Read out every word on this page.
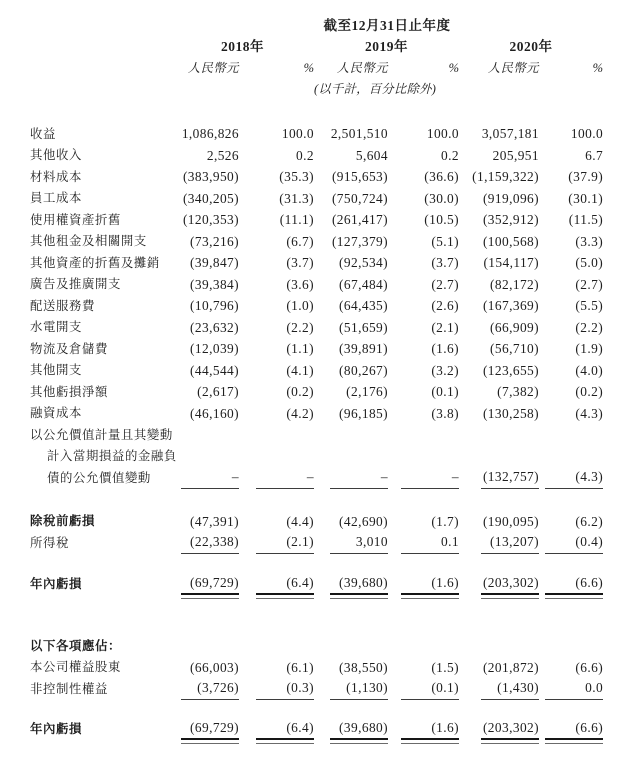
	截至12月31日止年度					
	2018年		2019年		2020年	
	人民幣元	%	人民幣元	%	人民幣元	%
			(以千計，百分比除外)			

收益	1,086,826	100.0	2,501,510	100.0	3,057,181	100.0
其他收入	2,526	0.2	5,604	0.2	205,951	6.7
材料成本	(383,950)	(35.3)	(915,653)	(36.6)	(1,159,322)	(37.9)
員工成本	(340,205)	(31.3)	(750,724)	(30.0)	(919,096)	(30.1)
使用權資產折舊	(120,353)	(11.1)	(261,417)	(10.5)	(352,912)	(11.5)
其他租金及相關開支	(73,216)	(6.7)	(127,379)	(5.1)	(100,568)	(3.3)
其他資產的折舊及攤銷	(39,847)	(3.7)	(92,534)	(3.7)	(154,117)	(5.0)
廣告及推廣開支	(39,384)	(3.6)	(67,484)	(2.7)	(82,172)	(2.7)
配送服務費	(10,796)	(1.0)	(64,435)	(2.6)	(167,369)	(5.5)
水電開支	(23,632)	(2.2)	(51,659)	(2.1)	(66,909)	(2.2)
物流及倉儲費	(12,039)	(1.1)	(39,891)	(1.6)	(56,710)	(1.9)
其他開支	(44,544)	(4.1)	(80,267)	(3.2)	(123,655)	(4.0)
其他虧損淨額	(2,617)	(0.2)	(2,176)	(0.1)	(7,382)	(0.2)
融資成本	(46,160)	(4.2)	(96,185)	(3.8)	(130,258)	(4.3)
以公允價值計量且其變動						
計入當期損益的金融負						
債的公允價值變動	–	–	–	–	(132,757)	(4.3)

除稅前虧損	(47,391)	(4.4)	(42,690)	(1.7)	(190,095)	(6.2)
所得稅	(22,338)	(2.1)	3,010	0.1	(13,207)	(0.4)

年內虧損	(69,729)	(6.4)	(39,680)	(1.6)	(203,302)	(6.6)

以下各項應佔：						
本公司權益股東	(66,003)	(6.1)	(38,550)	(1.5)	(201,872)	(6.6)
非控制性權益	(3,726)	(0.3)	(1,130)	(0.1)	(1,430)	0.0

年內虧損	(69,729)	(6.4)	(39,680)	(1.6)	(203,302)	(6.6)
